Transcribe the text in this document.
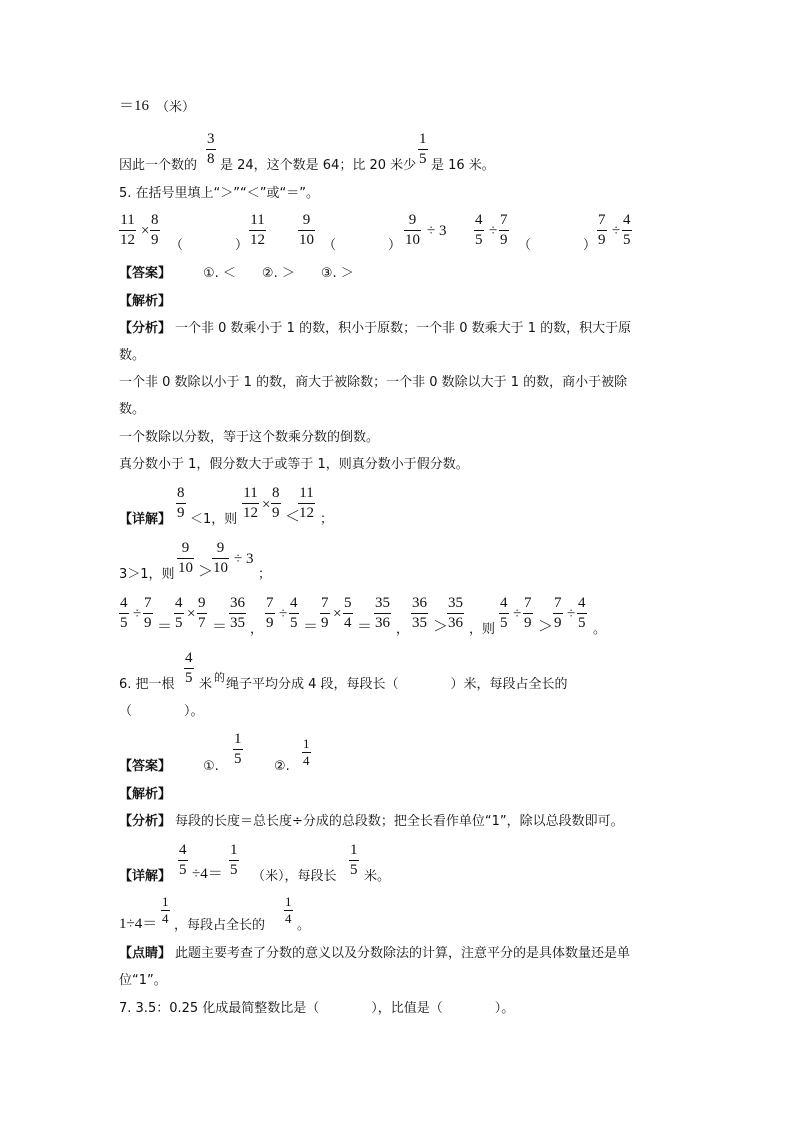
＝16 （米）
因此一个数的
3
8 是 24，这个数是 64；比 20 米少
1
5 是 16 米。
5. 在括号里填上“＞”“＜”或“＝”。
11
12
×
8
9 （　　　　）
11
12
9
10 （　　　　）
9
10
÷ 3
4
5
÷
7
9 （　　　　）
7
9
÷
4
5
【答案】 ①. ＜　　②. ＞　　③. ＞
【解析】
【分析】 一个非 0 数乘小于 1 的数，积小于原数；一个非 0 数乘大于 1 的数，积大于原
数。
一个非 0 数除以小于 1 的数，商大于被除数；一个非 0 数除以大于 1 的数，商小于被除
数。
一个数除以分数，等于这个数乘分数的倒数。
真分数小于 1，假分数大于或等于 1，则真分数小于假分数。
【详解】
8
9 ＜1，则
11
12 ×
8
9 ＜
11
12 ；
3＞1，则
9
10 ＞
9
10
÷ 3
；
4
5
÷
7
9 ＝
4
5
×
9
7 ＝
36
35 ，
7
9
÷
4
5 ＝
7
9
×
5
4 ＝
35
36 ，
36
35 ＞
35
36 ，则
4
5
÷
7
9 ＞
7
9
÷
4
5 。
6. 把一根
4
5 米 的 绳子平均分成 4 段，每段长（　　　　）米，每段占全长的
（　　　　）。
【答案】 ①.
1
5	②.
1
4
【解析】
【分析】 每段的长度＝总长度÷分成的总段数；把全长看作单位“1”，除以总段数即可。
【详解】
4
5 ÷4＝
1
5 （米），每段长
1
5 米。
1÷4＝
1
4 ，每段占全长的
1
4 。
【点睛】 此题主要考查了分数的意义以及分数除法的计算，注意平分的是具体数量还是单
位“1”。
7. 3.5：0.25 化成最简整数比是（　　　　），比值是（　　　　）。
